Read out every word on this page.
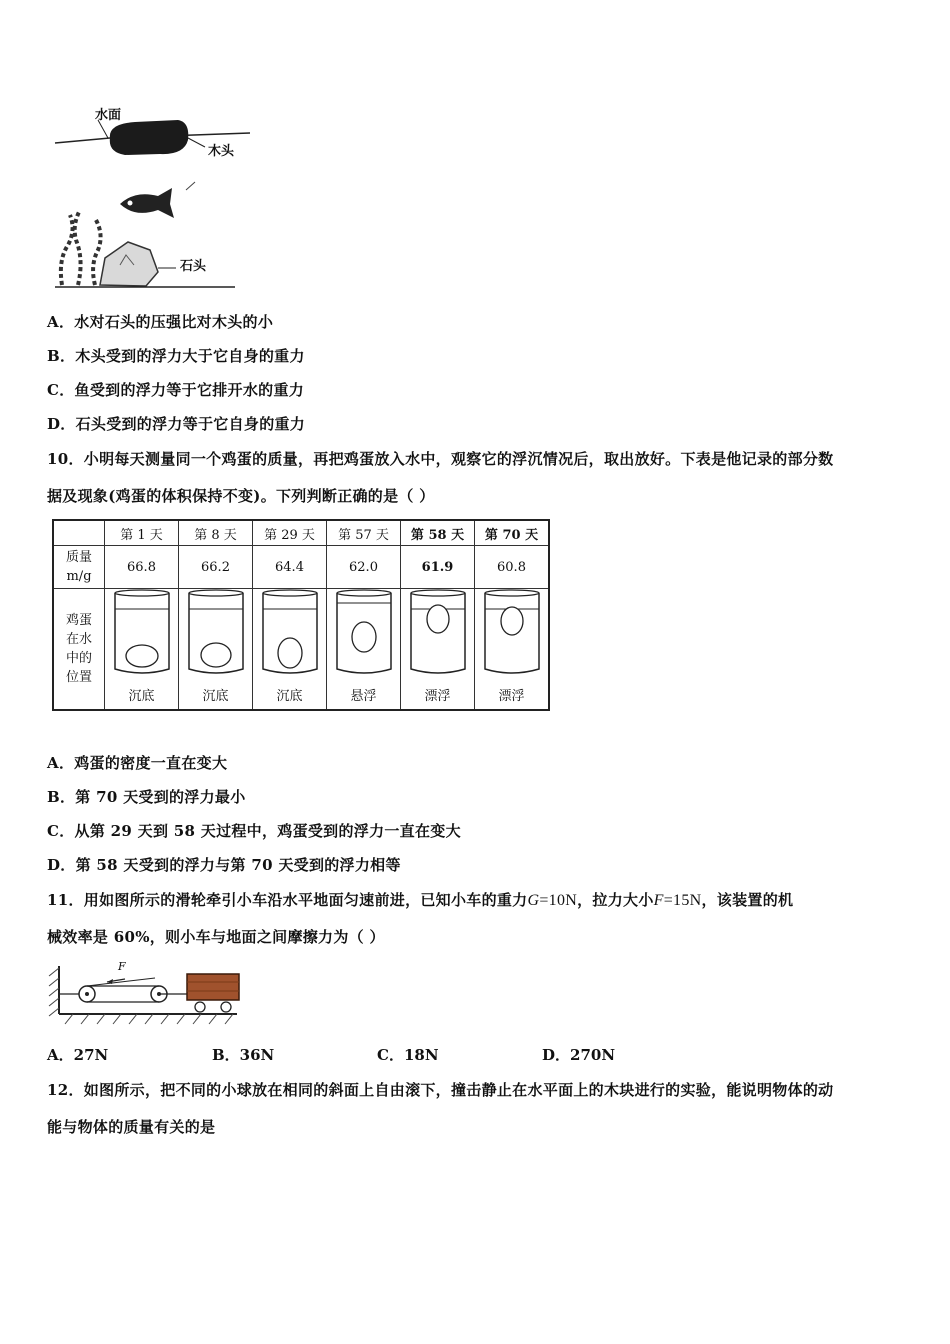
水面
木头
石头
A．水对石头的压强比对木头的小
B．木头受到的浮力大于它自身的重力
C．鱼受到的浮力等于它排开水的重力
D．石头受到的浮力等于它自身的重力
10．小明每天测量同一个鸡蛋的质量，再把鸡蛋放入水中，观察它的浮沉情况后，取出放好。下表是他记录的部分数
据及现象(鸡蛋的体积保持不变)。下列判断正确的是（ ）
	第 1 天	第 8 天	第 29 天	第 57 天	第 58 天	第 70 天
质量
m/g	66.8	66.2	64.4	62.0	61.9	60.8
鸡蛋
在水
中的
位置	沉底	沉底	沉底	悬浮	漂浮	漂浮
A．鸡蛋的密度一直在变大
B．第 70 天受到的浮力最小
C．从第 29 天到 58 天过程中，鸡蛋受到的浮力一直在变大
D．第 58 天受到的浮力与第 70 天受到的浮力相等
11．用如图所示的滑轮牵引小车沿水平地面匀速前进，已知小车的重力G=10N，拉力大小F=15N，该装置的机
械效率是 60%，则小车与地面之间摩擦力为（ ）
F
A．27N	B．36N	C．18N	D．270N
12．如图所示，把不同的小球放在相同的斜面上自由滚下，撞击静止在水平面上的木块进行的实验，能说明物体的动
能与物体的质量有关的是
